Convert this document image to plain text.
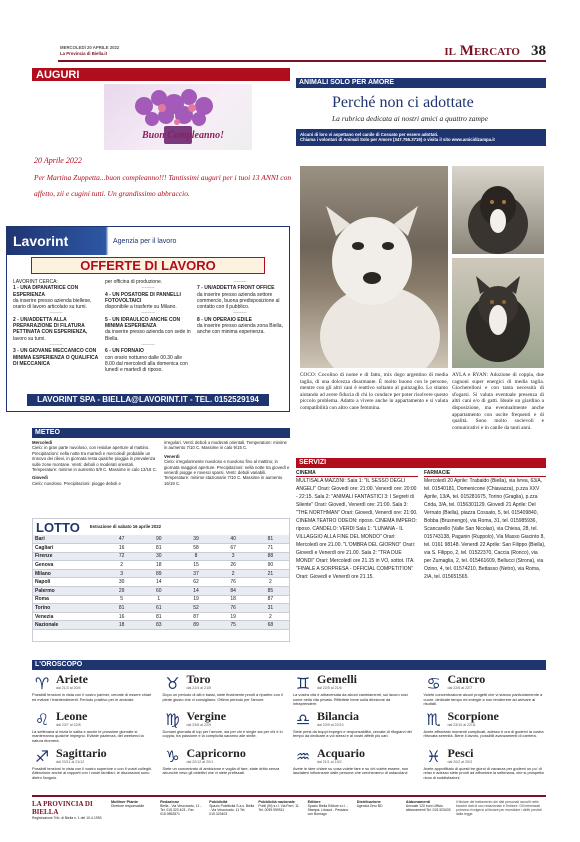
MERCOLEDÌ 20 APRILE 2022
La Provincia di Biella.it	il Mercato 38
AUGURI
Buon Compleanno!
20 Aprile 2022
Per Martina Zuppetta...buon compleanno!!! Tantissimi auguri per i tuoi 13 ANNI con affetto, zii e cugini tutti. Un grandissimo abbraccio.
Lavorint	Agenzia per il lavoro
OFFERTE DI LAVORO
LAVORINT CERCA:
1 - UNA DIPANATRICE CON ESPERIENZA
da inserire presso azienda biellese, orario di lavoro articolato su turni.
--------
2 - UN/ADDETTA ALLA PREPARAZIONE DI FILATURA PETTINATA CON ESPERIENZA,
lavoro su turni.
--------
3 - UN GIOVANE MECCANICO CON MINIMA ESPERIENZA O QUALIFICA DI MECCANICA
per officina di produzione.
--------
4 - UN POSATORE DI PANNELLI FOTOVOLTAICI
disponibile a trasferte su Milano.
--------
5 - UN IDRAULICO ANCHE CON MINIMA ESPERIENZA
da inserire presso azienda con sede in Biella.
--------
6 - UN FORNAIO
con orario notturno dalle 00.30 alle 8.00 dal mercoledì alla domenica con lunedì e martedì di riposo.
--------
7 - UN/ADDETTA FRONT OFFICE
da inserire presso azienda settore commercio, buona predisposizione al contatto con il pubblico.
--------
8 - UN OPERAIO EDILE
da inserire presso azienda zona Biella, anche con minima esperienza.
LAVORINT SPA - BIELLA@LAVORINT.IT - TEL. 0152529194
METEO
Mercoledì
Cielo: in gran parte nuvoloso, con residue aperture al mattino. Precipitazioni: nella notte tra martedì e mercoledì probabile un rinnovo dei rilievi, in giornata resta qualche pioggia in prevalenza sulle zone montane. Venti: deboli o moderati orientali. Temperature: minime in aumento 5/9 C. Massime in calo 13/18 C.
Giovedì
Cielo: nuvoloso. Precipitazioni: piogge deboli e
irregolari. Venti: deboli o moderati orientali. Temperature: minime in aumento 7/10 C. Massime in calo 9/15 C.
Venerdì
Cielo: irregolarmente nuvoloso e nuvoloso fino al mattino; in giornata maggiori aperture. Precipitazioni: nella notte tra giovedì e venerdì piogge e rovesci sparsi. Venti: deboli variabili. Temperature: minime stazionarie 7/10 C. Massime in aumento 16/19 C.
LOTTO Estrazione di sabato 16 aprile 2022
Bari	47	90	39	40	81
Cagliari	16	81	58	67	71
Firenze	72	30	8	3	88
Genova	2	18	15	26	90
Milano	3	89	37	2	21
Napoli	30	14	62	76	2
Palermo	29	60	14	84	85
Roma	5	1	19	18	87
Torino	81	61	52	76	31
Venezia	16	81	87	19	2
Nazionale	18	83	89	75	68
ANIMALI SOLO PER AMORE
Perché non ci adottate
La rubrica dedicata ai nostri amici a quattro zampe
Alcuni di loro vi aspettano nel canile di Cossato per essere adottati.
Chiama i volontari di Animali Solo per Amore (347.756.3719) o visita il sito www.amicidizampa.it
COCO: Cocolino di nome e di fatto, mix dogo argentino di media taglia, di una dolcezza disarmante. È molto buono con le persone, mentre con gli altri cani è reattivo soltanto al guinzaglio. Lo stiamo aiutando ad avere fiducia di chi lo conduce per poter risolvere questo piccolo problema. Adatto a vivere anche in appartamento e si valuta compatibilità con altro cane femmina.
AYLA e RYAN: Adozione di coppia, due cagnoni super energici di media taglia. Giocherelloni e con tanta necessità di sfogarsi. Si valuta eventuale presenza di altri cani e/o di gatti. Ideale un giardino a disposizione, ma eventualmente anche appartamento con uscite frequenti e di qualità. Sono molto socievoli e comunicativi e in canile da tanti anni.
SERVIZI
CINEMA
MULTISALA MAZZINI: Sala 1: "IL SESSO DEGLI ANGELI" Orari: Giovedì ore: 21:00. Venerdì ore: 20:00 - 22:15. Sala 2: "ANIMALI FANTASTICI 3: I Segreti di Silente" Orari: Giovedì, Venerdì ore: 21:00. Sala 3: "THE NORTHMAN" Orari: Giovedì, Venerdì ore: 21:00. CINEMA TEATRO ODEON: riposo. CINEMA IMPERO: riposo. CANDELO: VERDI Sala 1: "LUNANA - IL VILLAGGIO ALLA FINE DEL MONDO" Orari: Mercoledì ore 21.00. "L'OMBRA DEL GIORNO" Orari: Giovedì e Venerdì ore 21.00. Sala 2: "TRA DUE MONDI" Orari: Mercoledì ore 21.15 in VO, sottot. ITA. "FINALE A SORPRESA - OFFICIAL COMPETITION" Orari: Giovedì e Venerdì ore 21.15.
FARMACIE
Mercoledì 20 Aprile: Trabaldo (Biella), via Ivrea, 63/A, tel. 01540181, Domenicone (Chiavazza), p.zza XXV Aprile, 13/A, tel. 015281675, Torino (Graglia), p.zza Crida, 3/A, tel. 0156301129. Giovedì 21 Aprile: Del Vernato (Biella), piazza Cossato, 5, tel. 015409840, Bobba (Brusnengo), via Roma, 31, tel. 015985936, Scancarello (Valle San Nicolao), via Chiesa, 28, tel. 015743138, Paganin (Ruppolo), Via Masso Giacinto 8, tel. 0161 98148. Venerdì 22 Aprile: San Filippo (Biella), via S. Filippo, 2, tel. 01522370, Caccia (Ronco), via per Zumaglia, 2, tel. 015461609, Bellucci (Strona), via Ozino, 4, tel. 01574210, Bettasso (Netro), via Roma, 2/A, tel. 015651565.
L'OROSCOPO
♈ Ariete
dal 21/3 al 20/4
Possibili tensioni in vista con il vostro partner, cercate di essere chiari ed evitare i fraintendimenti. Periodo positivo per le amicizie.
♉ Toro
dal 21/4 al 21/5
Dopo un periodo di alti e bassi, siete finalmente pronti a ripartire con il piede giusto che vi consigliano. Ottimo periodo per l'amore.
♊ Gemelli
dal 22/5 al 21/6
La vostra vita è attraversata da alcuni cambiamenti, sul lavoro così come nella vita privata. Riflettete bene sulla direzione da intraprendere.
♋ Cancro
dal 22/6 al 22/7
Volete concentrazione alcuni progetti che vi stanno particolarmente a cuore, dedicate tempo ed energie a non tenderrere ad arrivare ai risultati.
♌ Leone
dal 23/7 al 22/8
La settimana si inizia in salita e anche le prossime giornate si manterranno qualche impegno. Evitate pazienza, del weekend la natura ritornerà.
♍ Vergine
dal 23/8 al 22/9
Domani giornata di top per l'amore, sia per chi è single sia per chi è in coppia, tra passione e la complicità saranno alle stelle.
♎ Bilancia
dal 23/9 al 22/10
Siete presi da troppi impegni e responsabilità, cercate di rifugiarvi del tempo da dedicare a voi stessi e ai vostri affetti più cari.
♏ Scorpione
dal 23/10 al 22/11
Avete affrontato momenti complicati, adesso è ora di godervi la vostra ritrovata serenità. Bene il lavoro, possibili avanzamenti di carriera.
♐ Sagittario
dal 23/11 al 21/12
Possibili tensioni in vista con il vostro superiore o con il vostri colleghi. Attenzione anche ai rapporti con i vostri familiari, le discussioni sono dietro l'angolo.
♑ Capricorno
dal 22/12 al 20/1
Siete un concentrato di ambizione e voglia di fare, state dritto senza alcunché veso gli obiettivi che vi siete prefissati.
♒ Acquario
dal 21/1 al 19/2
Avete le idee chiare su cosa volete fare e su chi volete essere, non lasciatevi influenzare dalle persone che cercheranno di ostacolarvi.
♓ Pesci
dal 20/2 al 20/3
Avete approfittato di questi tre giorni di vacanza per godervi un po' di relax e adesso siete pronti ad affrontare la settimana, che si prospetta ricca di soddisfazioni.
LA PROVINCIA DI BIELLA
Registrazione Trib. di Biella n. 1 del 10-4-1993
Multiser Piante
Direttore responsabile
Redazione
Biella - Via Vescovado, 11 - Tel. 015.323 403 - Fax 015.0852871
Pubblicità
Spazio Pubblicità S.a.s. Biella - Via Vescovado, 11 Tel. 015.323403
Pubblicità nazionale
Publi (IN) s.r.l. Via Ferri, 11 Tel. 0039.999911
Editore
Spazio Biella Editore s.r.l. - Stampa: Litosud - Pessano con Bornago
Distribuzione
Agenzia Zero BD
Abbonamenti
Annuale 120 euro Ufficio abbonamenti Tel. 015.323403
Il titolare del trattamento dei dati personali raccolti nelle banche dati di uso redazionale è l'editore. Gli interessati potranno rivolgersi al titolare per esercitare i diritti previsti dalla legge.
